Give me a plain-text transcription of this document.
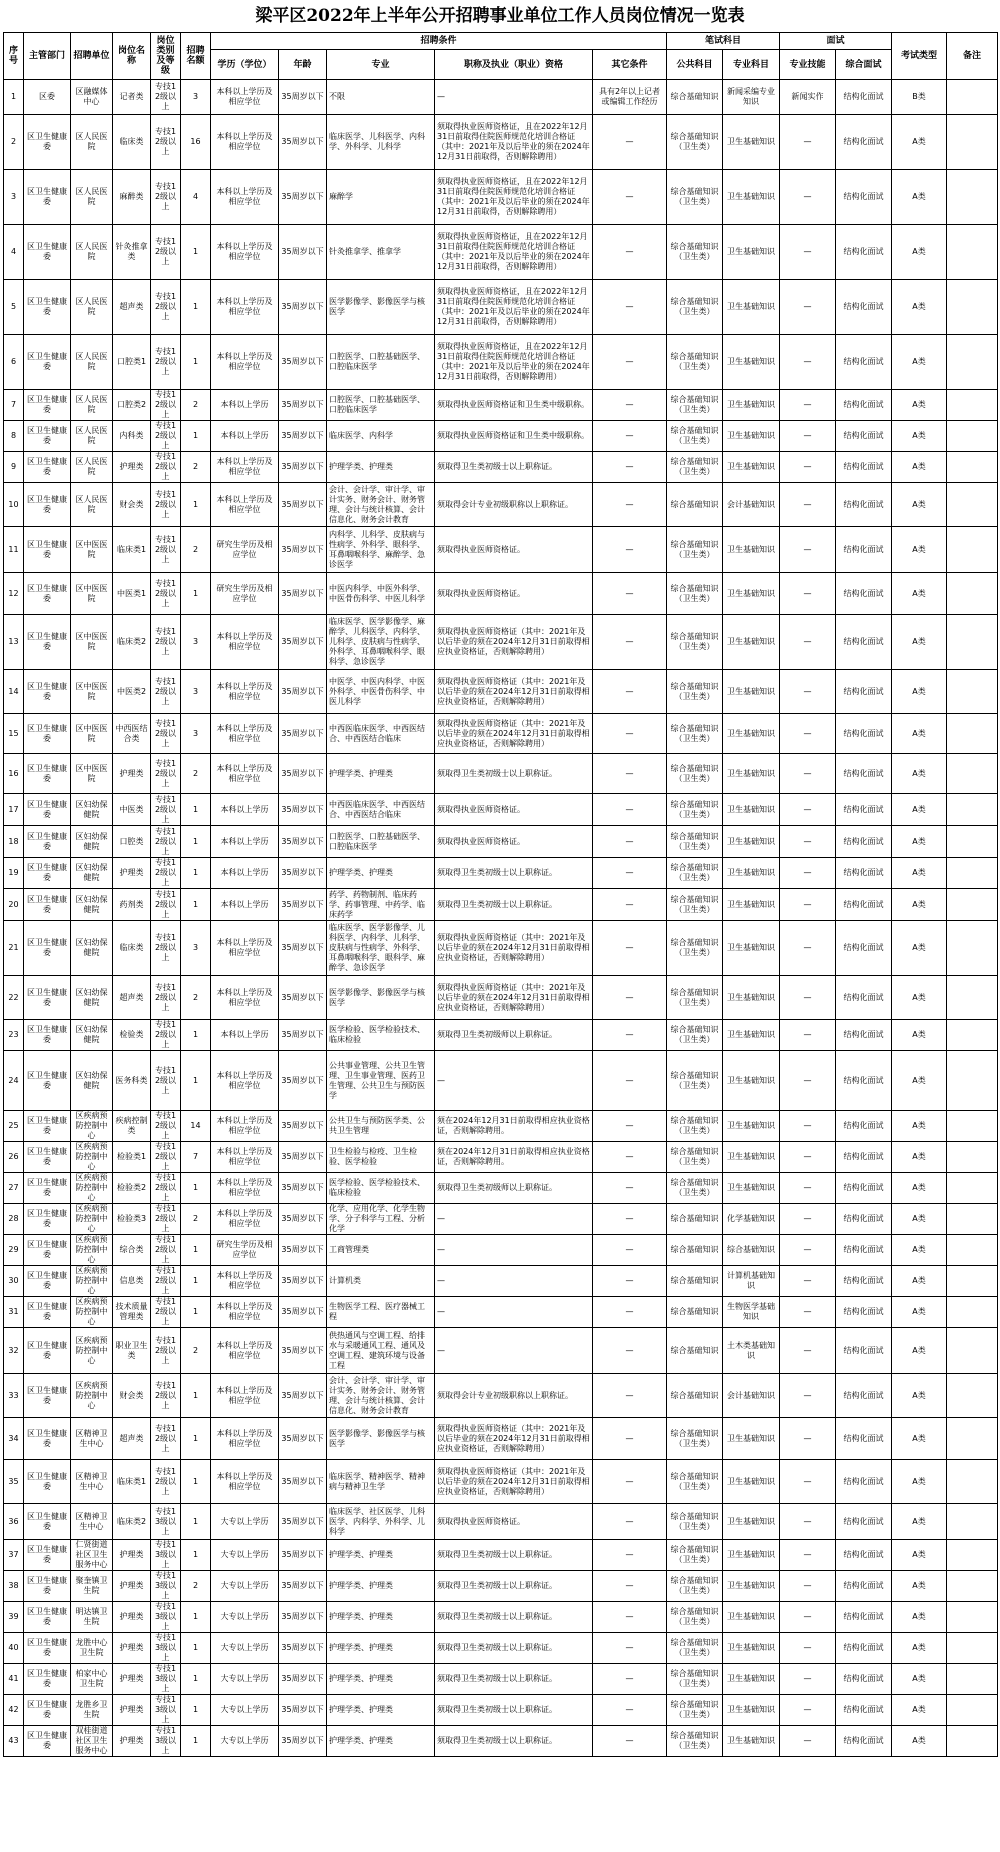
梁平区2022年上半年公开招聘事业单位工作人员岗位情况一览表
序号	主管部门	招聘单位	岗位名称	岗位类别及等级	招聘名额	招聘条件					笔试科目		面试		考试类型	备注
						学历（学位）	年龄	专业	职称及执业（职业）资格	其它条件	公共科目	专业科目	专业技能	综合面试		

1	区委	区融媒体中心	记者类	专技12级以上	3	本科以上学历及相应学位	35周岁以下	不限	—	具有2年以上记者或编辑工作经历	综合基础知识	新闻采编专业知识	新闻实作	结构化面试	B类	
2	区卫生健康委	区人民医院	临床类	专技12级以上	16	本科以上学历及相应学位	35周岁以下	临床医学、儿科医学、内科学、外科学、儿科学	须取得执业医师资格证，且在2022年12月31日前取得住院医师规范化培训合格证（其中：2021年及以后毕业的须在2024年12月31日前取得，否则解除聘用）	—	综合基础知识（卫生类）	卫生基础知识	—	结构化面试	A类	
3	区卫生健康委	区人民医院	麻醉类	专技12级以上	4	本科以上学历及相应学位	35周岁以下	麻醉学	须取得执业医师资格证，且在2022年12月31日前取得住院医师规范化培训合格证（其中：2021年及以后毕业的须在2024年12月31日前取得，否则解除聘用）	—	综合基础知识（卫生类）	卫生基础知识	—	结构化面试	A类	
4	区卫生健康委	区人民医院	针灸推拿类	专技12级以上	1	本科以上学历及相应学位	35周岁以下	针灸推拿学、推拿学	须取得执业医师资格证，且在2022年12月31日前取得住院医师规范化培训合格证（其中：2021年及以后毕业的须在2024年12月31日前取得，否则解除聘用）	—	综合基础知识（卫生类）	卫生基础知识	—	结构化面试	A类	
5	区卫生健康委	区人民医院	超声类	专技12级以上	1	本科以上学历及相应学位	35周岁以下	医学影像学、影像医学与核医学	须取得执业医师资格证，且在2022年12月31日前取得住院医师规范化培训合格证（其中：2021年及以后毕业的须在2024年12月31日前取得，否则解除聘用）	—	综合基础知识（卫生类）	卫生基础知识	—	结构化面试	A类	
6	区卫生健康委	区人民医院	口腔类1	专技12级以上	1	本科以上学历及相应学位	35周岁以下	口腔医学、口腔基础医学、口腔临床医学	须取得执业医师资格证，且在2022年12月31日前取得住院医师规范化培训合格证（其中：2021年及以后毕业的须在2024年12月31日前取得，否则解除聘用）	—	综合基础知识（卫生类）	卫生基础知识	—	结构化面试	A类	
7	区卫生健康委	区人民医院	口腔类2	专技12级以上	2	本科以上学历	35周岁以下	口腔医学、口腔基础医学、口腔临床医学	须取得执业医师资格证和卫生类中级职称。	—	综合基础知识（卫生类）	卫生基础知识	—	结构化面试	A类	
8	区卫生健康委	区人民医院	内科类	专技12级以上	1	本科以上学历	35周岁以下	临床医学、内科学	须取得执业医师资格证和卫生类中级职称。	—	综合基础知识（卫生类）	卫生基础知识	—	结构化面试	A类	
9	区卫生健康委	区人民医院	护理类	专技12级以上	2	本科以上学历及相应学位	35周岁以下	护理学类、护理类	须取得卫生类初级士以上职称证。	—	综合基础知识（卫生类）	卫生基础知识	—	结构化面试	A类	
10	区卫生健康委	区人民医院	财会类	专技12级以上	1	本科以上学历及相应学位	35周岁以下	会计、会计学、审计学、审计实务、财务会计、财务管理、会计与统计核算、会计信息化、财务会计教育	须取得会计专业初级职称以上职称证。	—	综合基础知识	会计基础知识	—	结构化面试	A类	
11	区卫生健康委	区中医医院	临床类1	专技12级以上	2	研究生学历及相应学位	35周岁以下	内科学、儿科学、皮肤病与性病学、外科学、眼科学、耳鼻咽喉科学、麻醉学、急诊医学	须取得执业医师资格证。	—	综合基础知识（卫生类）	卫生基础知识	—	结构化面试	A类	
12	区卫生健康委	区中医医院	中医类1	专技12级以上	1	研究生学历及相应学位	35周岁以下	中医内科学、中医外科学、中医骨伤科学、中医儿科学	须取得执业医师资格证。	—	综合基础知识（卫生类）	卫生基础知识	—	结构化面试	A类	
13	区卫生健康委	区中医医院	临床类2	专技12级以上	3	本科以上学历及相应学位	35周岁以下	临床医学、医学影像学、麻醉学、儿科医学、内科学、儿科学、皮肤病与性病学、外科学、耳鼻咽喉科学、眼科学、急诊医学	须取得执业医师资格证（其中：2021年及以后毕业的须在2024年12月31日前取得相应执业资格证，否则解除聘用）	—	综合基础知识（卫生类）	卫生基础知识	—	结构化面试	A类	
14	区卫生健康委	区中医医院	中医类2	专技12级以上	3	本科以上学历及相应学位	35周岁以下	中医学、中医内科学、中医外科学、中医骨伤科学、中医儿科学	须取得执业医师资格证（其中：2021年及以后毕业的须在2024年12月31日前取得相应执业资格证，否则解除聘用）	—	综合基础知识（卫生类）	卫生基础知识	—	结构化面试	A类	
15	区卫生健康委	区中医医院	中西医结合类	专技12级以上	3	本科以上学历及相应学位	35周岁以下	中西医临床医学、中西医结合、中西医结合临床	须取得执业医师资格证（其中：2021年及以后毕业的须在2024年12月31日前取得相应执业资格证，否则解除聘用）	—	综合基础知识（卫生类）	卫生基础知识	—	结构化面试	A类	
16	区卫生健康委	区中医医院	护理类	专技12级以上	2	本科以上学历及相应学位	35周岁以下	护理学类、护理类	须取得卫生类初级士以上职称证。	—	综合基础知识（卫生类）	卫生基础知识	—	结构化面试	A类	
17	区卫生健康委	区妇幼保健院	中医类	专技12级以上	1	本科以上学历	35周岁以下	中西医临床医学、中西医结合、中西医结合临床	须取得执业医师资格证。	—	综合基础知识（卫生类）	卫生基础知识	—	结构化面试	A类	
18	区卫生健康委	区妇幼保健院	口腔类	专技12级以上	1	本科以上学历	35周岁以下	口腔医学、口腔基础医学、口腔临床医学	须取得执业医师资格证。	—	综合基础知识（卫生类）	卫生基础知识	—	结构化面试	A类	
19	区卫生健康委	区妇幼保健院	护理类	专技12级以上	1	本科以上学历	35周岁以下	护理学类、护理类	须取得卫生类初级士以上职称证。	—	综合基础知识（卫生类）	卫生基础知识	—	结构化面试	A类	
20	区卫生健康委	区妇幼保健院	药剂类	专技12级以上	1	本科以上学历	35周岁以下	药学、药物制剂、临床药学、药事管理、中药学、临床药学	须取得卫生类初级士以上职称证。	—	综合基础知识（卫生类）	卫生基础知识	—	结构化面试	A类	
21	区卫生健康委	区妇幼保健院	临床类	专技12级以上	3	本科以上学历及相应学位	35周岁以下	临床医学、医学影像学、儿科医学、内科学、儿科学、皮肤病与性病学、外科学、耳鼻咽喉科学、眼科学、麻醉学、急诊医学	须取得执业医师资格证（其中：2021年及以后毕业的须在2024年12月31日前取得相应执业资格证，否则解除聘用）	—	综合基础知识（卫生类）	卫生基础知识	—	结构化面试	A类	
22	区卫生健康委	区妇幼保健院	超声类	专技12级以上	2	本科以上学历及相应学位	35周岁以下	医学影像学、影像医学与核医学	须取得执业医师资格证（其中：2021年及以后毕业的须在2024年12月31日前取得相应执业资格证，否则解除聘用）	—	综合基础知识（卫生类）	卫生基础知识	—	结构化面试	A类	
23	区卫生健康委	区妇幼保健院	检验类	专技12级以上	1	本科以上学历	35周岁以下	医学检验、医学检验技术、临床检验	须取得卫生类初级师以上职称证。	—	综合基础知识（卫生类）	卫生基础知识	—	结构化面试	A类	
24	区卫生健康委	区妇幼保健院	医务科类	专技12级以上	1	本科以上学历及相应学位	35周岁以下	公共事业管理、公共卫生管理、卫生事业管理、医药卫生管理、公共卫生与预防医学	—	—	综合基础知识（卫生类）	卫生基础知识	—	结构化面试	A类	
25	区卫生健康委	区疾病预防控制中心	疾病控制类	专技12级以上	14	本科以上学历及相应学位	35周岁以下	公共卫生与预防医学类、公共卫生管理	须在2024年12月31日前取得相应执业资格证，否则解除聘用。	—	综合基础知识（卫生类）	卫生基础知识	—	结构化面试	A类	
26	区卫生健康委	区疾病预防控制中心	检验类1	专技12级以上	7	本科以上学历及相应学位	35周岁以下	卫生检验与检疫、卫生检验、医学检验	须在2024年12月31日前取得相应执业资格证，否则解除聘用。	—	综合基础知识（卫生类）	卫生基础知识	—	结构化面试	A类	
27	区卫生健康委	区疾病预防控制中心	检验类2	专技12级以上	1	本科以上学历及相应学位	35周岁以下	医学检验、医学检验技术、临床检验	须取得卫生类初级师以上职称证。	—	综合基础知识（卫生类）	卫生基础知识	—	结构化面试	A类	
28	区卫生健康委	区疾病预防控制中心	检验类3	专技12级以上	2	本科以上学历及相应学位	35周岁以下	化学、应用化学、化学生物学、分子科学与工程、分析化学	—	—	综合基础知识	化学基础知识	—	结构化面试	A类	
29	区卫生健康委	区疾病预防控制中心	综合类	专技12级以上	1	研究生学历及相应学位	35周岁以下	工商管理类	—	—	综合基础知识	综合基础知识	—	结构化面试	A类	
30	区卫生健康委	区疾病预防控制中心	信息类	专技12级以上	1	本科以上学历及相应学位	35周岁以下	计算机类	—	—	综合基础知识	计算机基础知识	—	结构化面试	A类	
31	区卫生健康委	区疾病预防控制中心	技术质量管理类	专技12级以上	1	本科以上学历及相应学位	35周岁以下	生物医学工程、医疗器械工程	—	—	综合基础知识	生物医学基础知识	—	结构化面试	A类	
32	区卫生健康委	区疾病预防控制中心	职业卫生类	专技12级以上	2	本科以上学历及相应学位	35周岁以下	供热通风与空调工程、给排水与采暖通风工程、通风及空调工程、建筑环境与设备工程	—	—	综合基础知识	土木类基础知识	—	结构化面试	A类	
33	区卫生健康委	区疾病预防控制中心	财会类	专技12级以上	1	本科以上学历及相应学位	35周岁以下	会计、会计学、审计学、审计实务、财务会计、财务管理、会计与统计核算、会计信息化、财务会计教育	须取得会计专业初级职称以上职称证。	—	综合基础知识	会计基础知识	—	结构化面试	A类	
34	区卫生健康委	区精神卫生中心	超声类	专技12级以上	1	本科以上学历及相应学位	35周岁以下	医学影像学、影像医学与核医学	须取得执业医师资格证（其中：2021年及以后毕业的须在2024年12月31日前取得相应执业资格证，否则解除聘用）	—	综合基础知识（卫生类）	卫生基础知识	—	结构化面试	A类	
35	区卫生健康委	区精神卫生中心	临床类1	专技12级以上	1	本科以上学历及相应学位	35周岁以下	临床医学、精神医学、精神病与精神卫生学	须取得执业医师资格证（其中：2021年及以后毕业的须在2024年12月31日前取得相应执业资格证，否则解除聘用）	—	综合基础知识（卫生类）	卫生基础知识	—	结构化面试	A类	
36	区卫生健康委	区精神卫生中心	临床类2	专技13级以上	1	大专以上学历	35周岁以下	临床医学、社区医学、儿科医学、内科学、外科学、儿科学	须取得执业医师资格证。	—	综合基础知识（卫生类）	卫生基础知识	—	结构化面试	A类	
37	区卫生健康委	仁贤街道社区卫生服务中心	护理类	专技13级以上	1	大专以上学历	35周岁以下	护理学类、护理类	须取得卫生类初级士以上职称证。	—	综合基础知识（卫生类）	卫生基础知识	—	结构化面试	A类	
38	区卫生健康委	聚奎镇卫生院	护理类	专技13级以上	2	大专以上学历	35周岁以下	护理学类、护理类	须取得卫生类初级士以上职称证。	—	综合基础知识（卫生类）	卫生基础知识	—	结构化面试	A类	
39	区卫生健康委	明达镇卫生院	护理类	专技13级以上	1	大专以上学历	35周岁以下	护理学类、护理类	须取得卫生类初级士以上职称证。	—	综合基础知识（卫生类）	卫生基础知识	—	结构化面试	A类	
40	区卫生健康委	龙胜中心卫生院	护理类	专技13级以上	1	大专以上学历	35周岁以下	护理学类、护理类	须取得卫生类初级士以上职称证。	—	综合基础知识（卫生类）	卫生基础知识	—	结构化面试	A类	
41	区卫生健康委	柏家中心卫生院	护理类	专技13级以上	1	大专以上学历	35周岁以下	护理学类、护理类	须取得卫生类初级士以上职称证。	—	综合基础知识（卫生类）	卫生基础知识	—	结构化面试	A类	
42	区卫生健康委	龙胜乡卫生院	护理类	专技13级以上	1	大专以上学历	35周岁以下	护理学类、护理类	须取得卫生类初级士以上职称证。	—	综合基础知识（卫生类）	卫生基础知识	—	结构化面试	A类	
43	区卫生健康委	双桂街道社区卫生服务中心	护理类	专技13级以上	1	大专以上学历	35周岁以下	护理学类、护理类	须取得卫生类初级士以上职称证。	—	综合基础知识（卫生类）	卫生基础知识	—	结构化面试	A类	
